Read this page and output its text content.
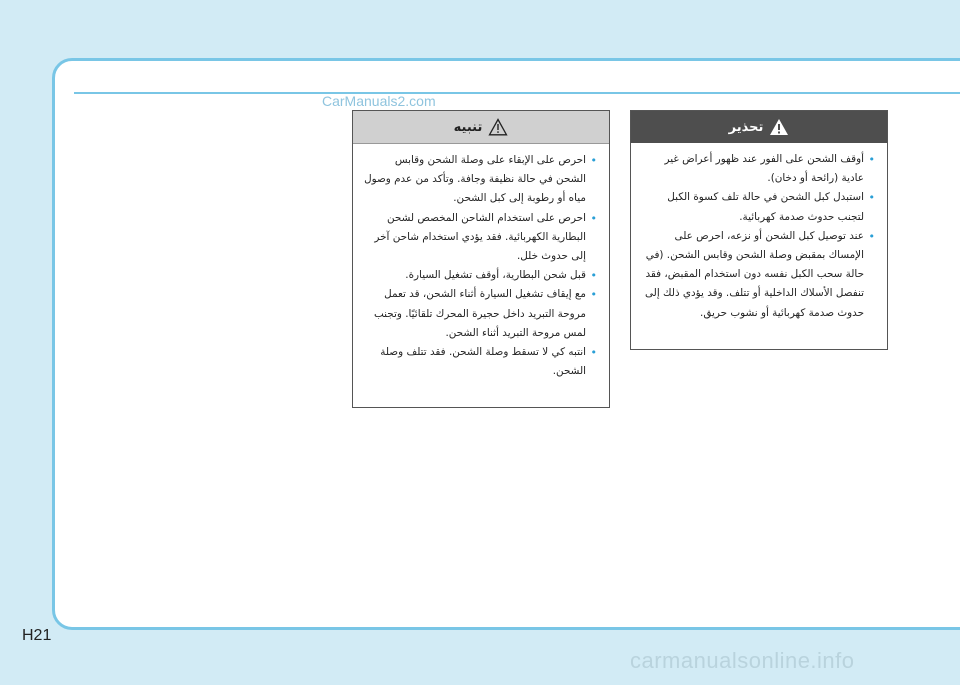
CarManuals2.com
تحذير
• أوقف الشحن على الفور عند ظهور أعراض غير عادية (رائحة أو دخان).
• استبدل كبل الشحن في حالة تلف كسوة الكبل لتجنب حدوث صدمة كهربائية.
• عند توصيل كبل الشحن أو نزعه، احرص على الإمساك بمقبض وصلة الشحن وقابس الشحن. (في حالة سحب الكبل نفسه دون استخدام المقبض، فقد تنفصل الأسلاك الداخلية أو تتلف. وقد يؤدي ذلك إلى حدوث صدمة كهربائية أو نشوب حريق.
تنبيه
• احرص على الإبقاء على وصلة الشحن وقابس الشحن في حالة نظيفة وجافة. وتأكد من عدم وصول مياه أو رطوبة إلى كبل الشحن.
• احرص على استخدام الشاحن المخصص لشحن البطارية الكهربائية. فقد يؤدي استخدام شاحن آخر إلى حدوث خلل.
• قبل شحن البطارية، أوقف تشغيل السيارة.
• مع إيقاف تشغيل السيارة أثناء الشحن، قد تعمل مروحة التبريد داخل حجيرة المحرك تلقائيًا. وتجنب لمس مروحة التبريد أثناء الشحن.
• انتبه كي لا تسقط وصلة الشحن. فقد تتلف وصلة الشحن.
H21
carmanualsonline.info
